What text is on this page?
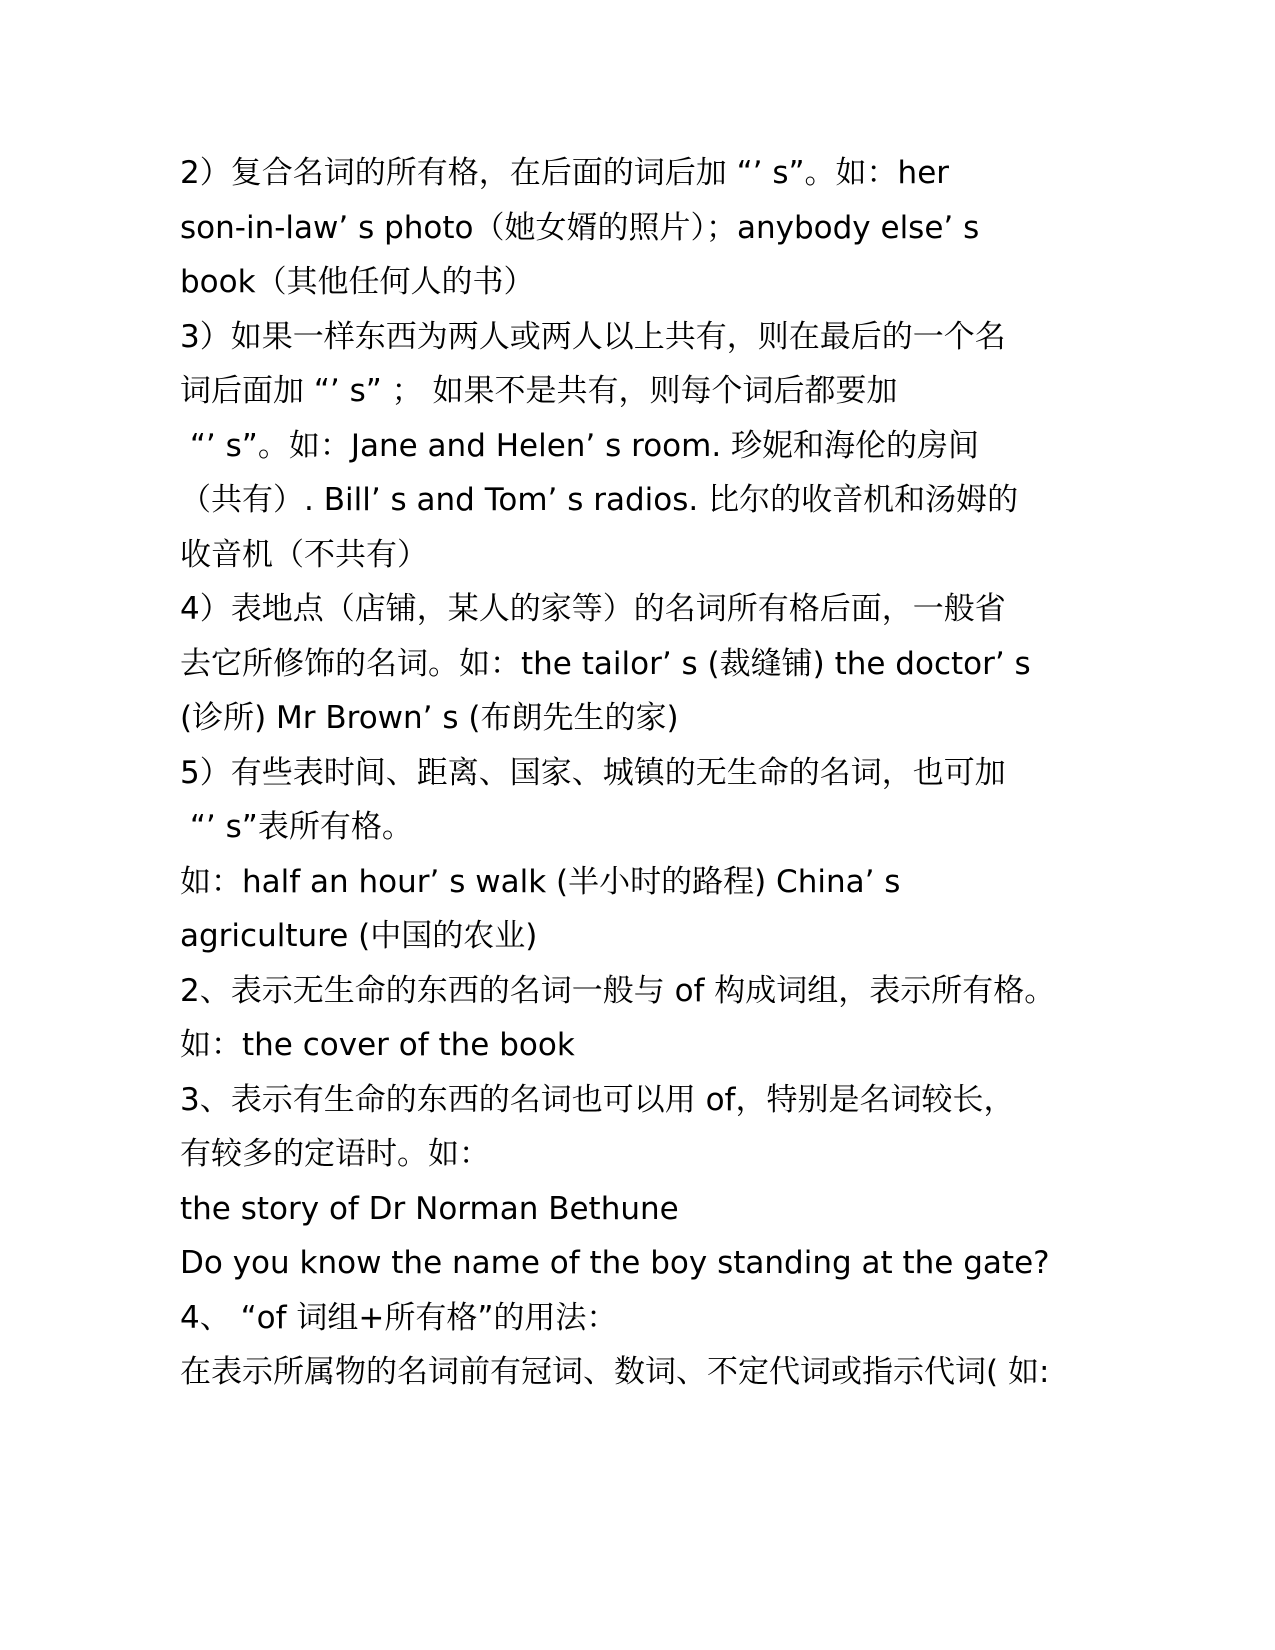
2）复合名词的所有格，在后面的词后加 “’ s”。如：her

son-in-law’ s photo（她女婿的照片）；anybody else’ s

book（其他任何人的书）

3）如果一样东西为两人或两人以上共有，则在最后的一个名

词后面加 “’ s” ； 如果不是共有，则每个词后都要加

“’ s”。如：Jane and Helen’ s room. 珍妮和海伦的房间

（共有）. Bill’ s and Tom’ s radios. 比尔的收音机和汤姆的

收音机（不共有）

4）表地点（店铺，某人的家等）的名词所有格后面，一般省

去它所修饰的名词。如：the tailor’ s (裁缝铺) the doctor’ s

(诊所) Mr Brown’ s (布朗先生的家)

5）有些表时间、距离、国家、城镇的无生命的名词，也可加

“’ s”表所有格。

如：half an hour’ s walk (半小时的路程) China’ s

agriculture (中国的农业)

2、表示无生命的东西的名词一般与 of 构成词组，表示所有格。

如：the cover of the book

3、表示有生命的东西的名词也可以用 of，特别是名词较长，

有较多的定语时。如：

the story of Dr Norman Bethune

Do you know the name of the boy standing at the gate?

4、 “of 词组+所有格”的用法：

在表示所属物的名词前有冠词、数词、不定代词或指示代词( 如:
